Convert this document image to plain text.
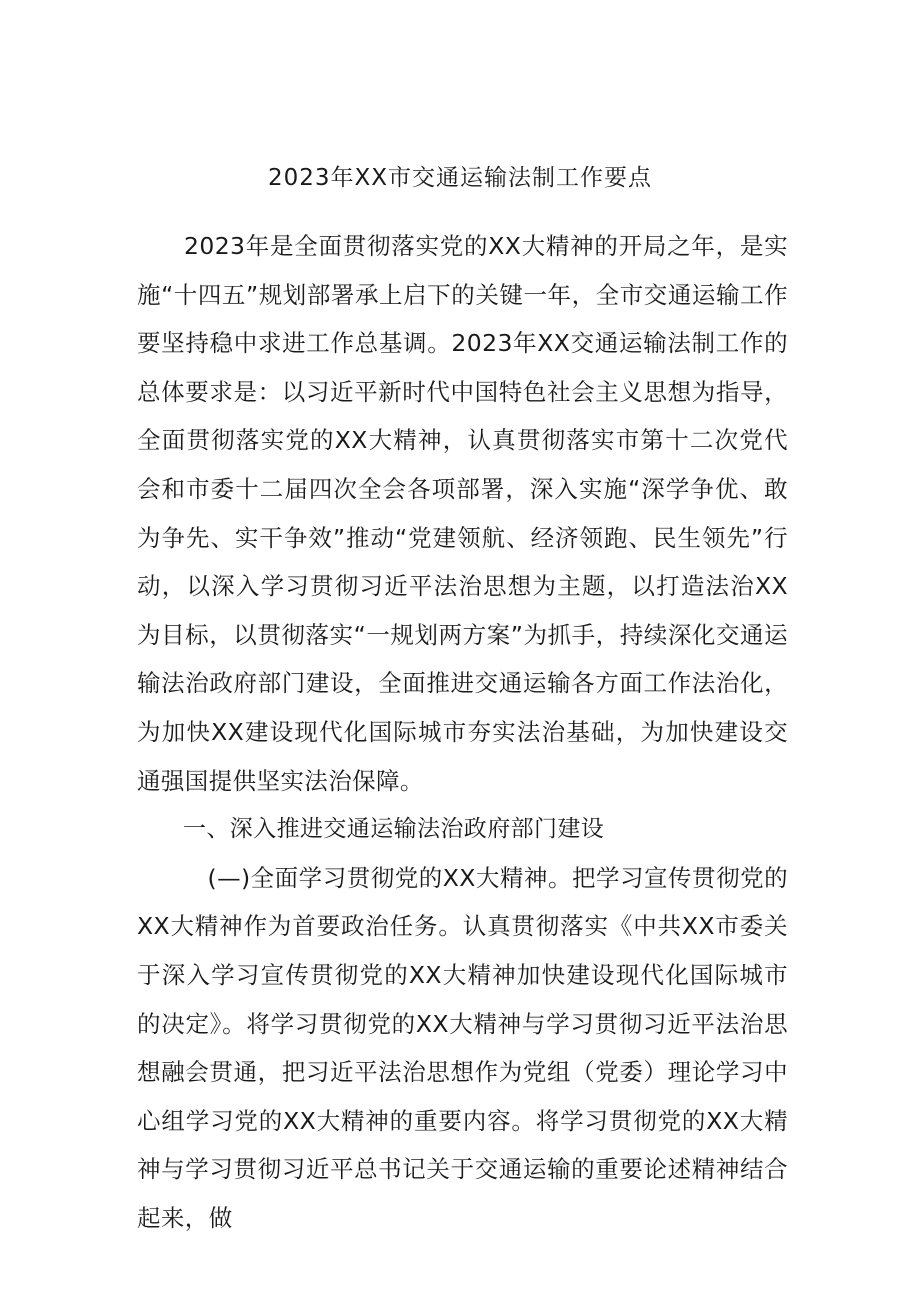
2023年XX市交通运输法制工作要点

2023年是全面贯彻落实党的XX大精神的开局之年，是实施“十四五”规划部署承上启下的关键一年，全市交通运输工作要坚持稳中求进工作总基调。2023年XX交通运输法制工作的总体要求是：以习近平新时代中国特色社会主义思想为指导，全面贯彻落实党的XX大精神，认真贯彻落实市第十二次党代会和市委十二届四次全会各项部署，深入实施“深学争优、敢为争先、实干争效”推动“党建领航、经济领跑、民生领先”行动，以深入学习贯彻习近平法治思想为主题，以打造法治XX为目标，以贯彻落实“一规划两方案”为抓手，持续深化交通运输法治政府部门建设，全面推进交通运输各方面工作法治化，为加快XX建设现代化国际城市夯实法治基础，为加快建设交通强国提供坚实法治保障。

一、深入推进交通运输法治政府部门建设

(—)全面学习贯彻党的XX大精神。把学习宣传贯彻党的XX大精神作为首要政治任务。认真贯彻落实《中共XX市委关于深入学习宣传贯彻党的XX大精神加快建设现代化国际城市的决定》。将学习贯彻党的XX大精神与学习贯彻习近平法治思想融会贯通，把习近平法治思想作为党组（党委）理论学习中心组学习党的XX大精神的重要内容。将学习贯彻党的XX大精神与学习贯彻习近平总书记关于交通运输的重要论述精神结合起来，做
